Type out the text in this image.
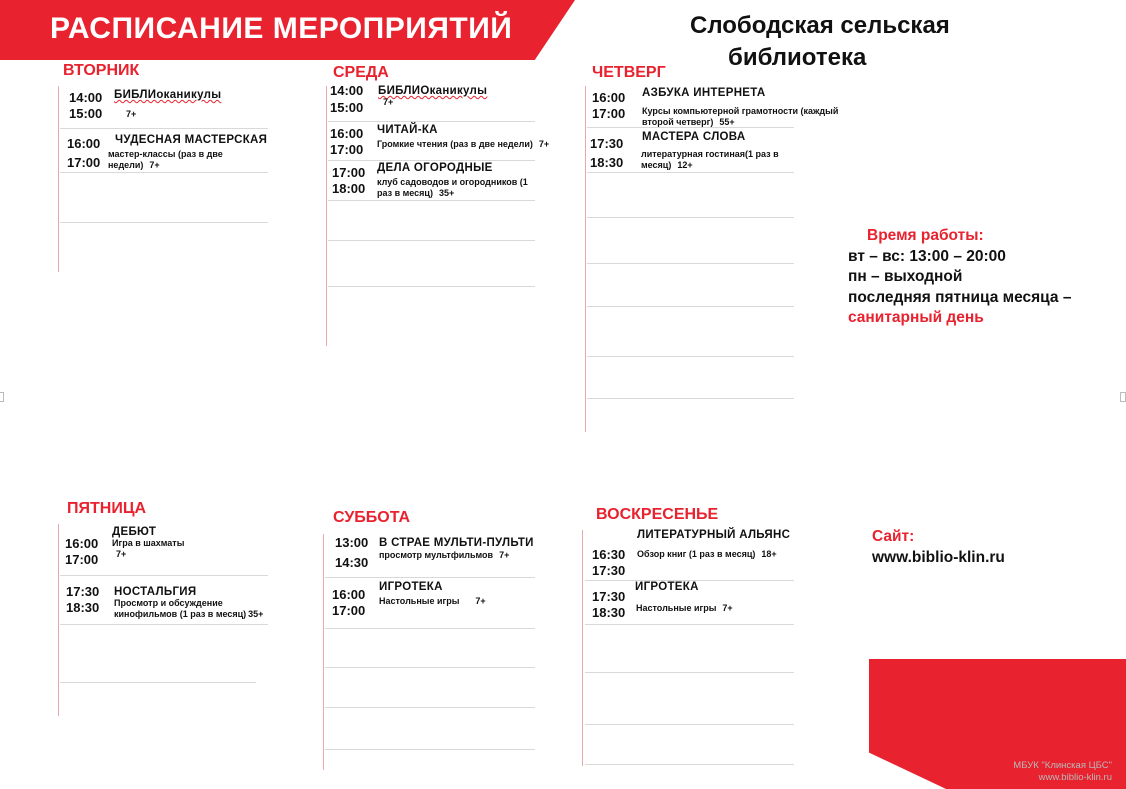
РАСПИСАНИЕ МЕРОПРИЯТИЙ	Слободская сельская
библиотека
ВТОРНИК
14:00
15:00
БИБЛИоканикулы
7+
16:00
17:00
ЧУДЕСНАЯ МАСТЕРСКАЯ
мастер-классы (раз в две недели) 7+
СРЕДА
14:00
15:00
БИБЛИОканикулы
7+
16:00
17:00
ЧИТАЙ-КА
Громкие чтения (раз в две недели) 7+
17:00
18:00
ДЕЛА ОГОРОДНЫЕ
клуб садоводов и огородников (1 раз в месяц) 35+
ЧЕТВЕРГ
16:00
17:00
АЗБУКА ИНТЕРНЕТА
Курсы компьютерной грамотности (каждый второй четверг) 55+
17:30
18:30
МАСТЕРА СЛОВА
литературная гостиная(1 раз в месяц) 12+
ПЯТНИЦА
16:00
17:00
ДЕБЮТ
Игра в шахматы
7+
17:30
18:30
НОСТАЛЬГИЯ
Просмотр и обсуждение кинофильмов (1 раз в месяц) 35+
СУББОТА
13:00
14:30
В СТРАЕ МУЛЬТИ-ПУЛЬТИ
просмотр мультфильмов 7+
16:00
17:00
ИГРОТЕКА
Настольные игры 7+
ВОСКРЕСЕНЬЕ
16:30
17:30
ЛИТЕРАТУРНЫЙ АЛЬЯНС
Обзор книг (1 раз в месяц) 18+
17:30
18:30
ИГРОТЕКА
Настольные игры 7+
Время работы:
вт – вс: 13:00 – 20:00
пн – выходной
последняя пятница месяца –
санитарный день
Сайт:
www.biblio-klin.ru
МБУК "Клинская ЦБС"
www.biblio-klin.ru
